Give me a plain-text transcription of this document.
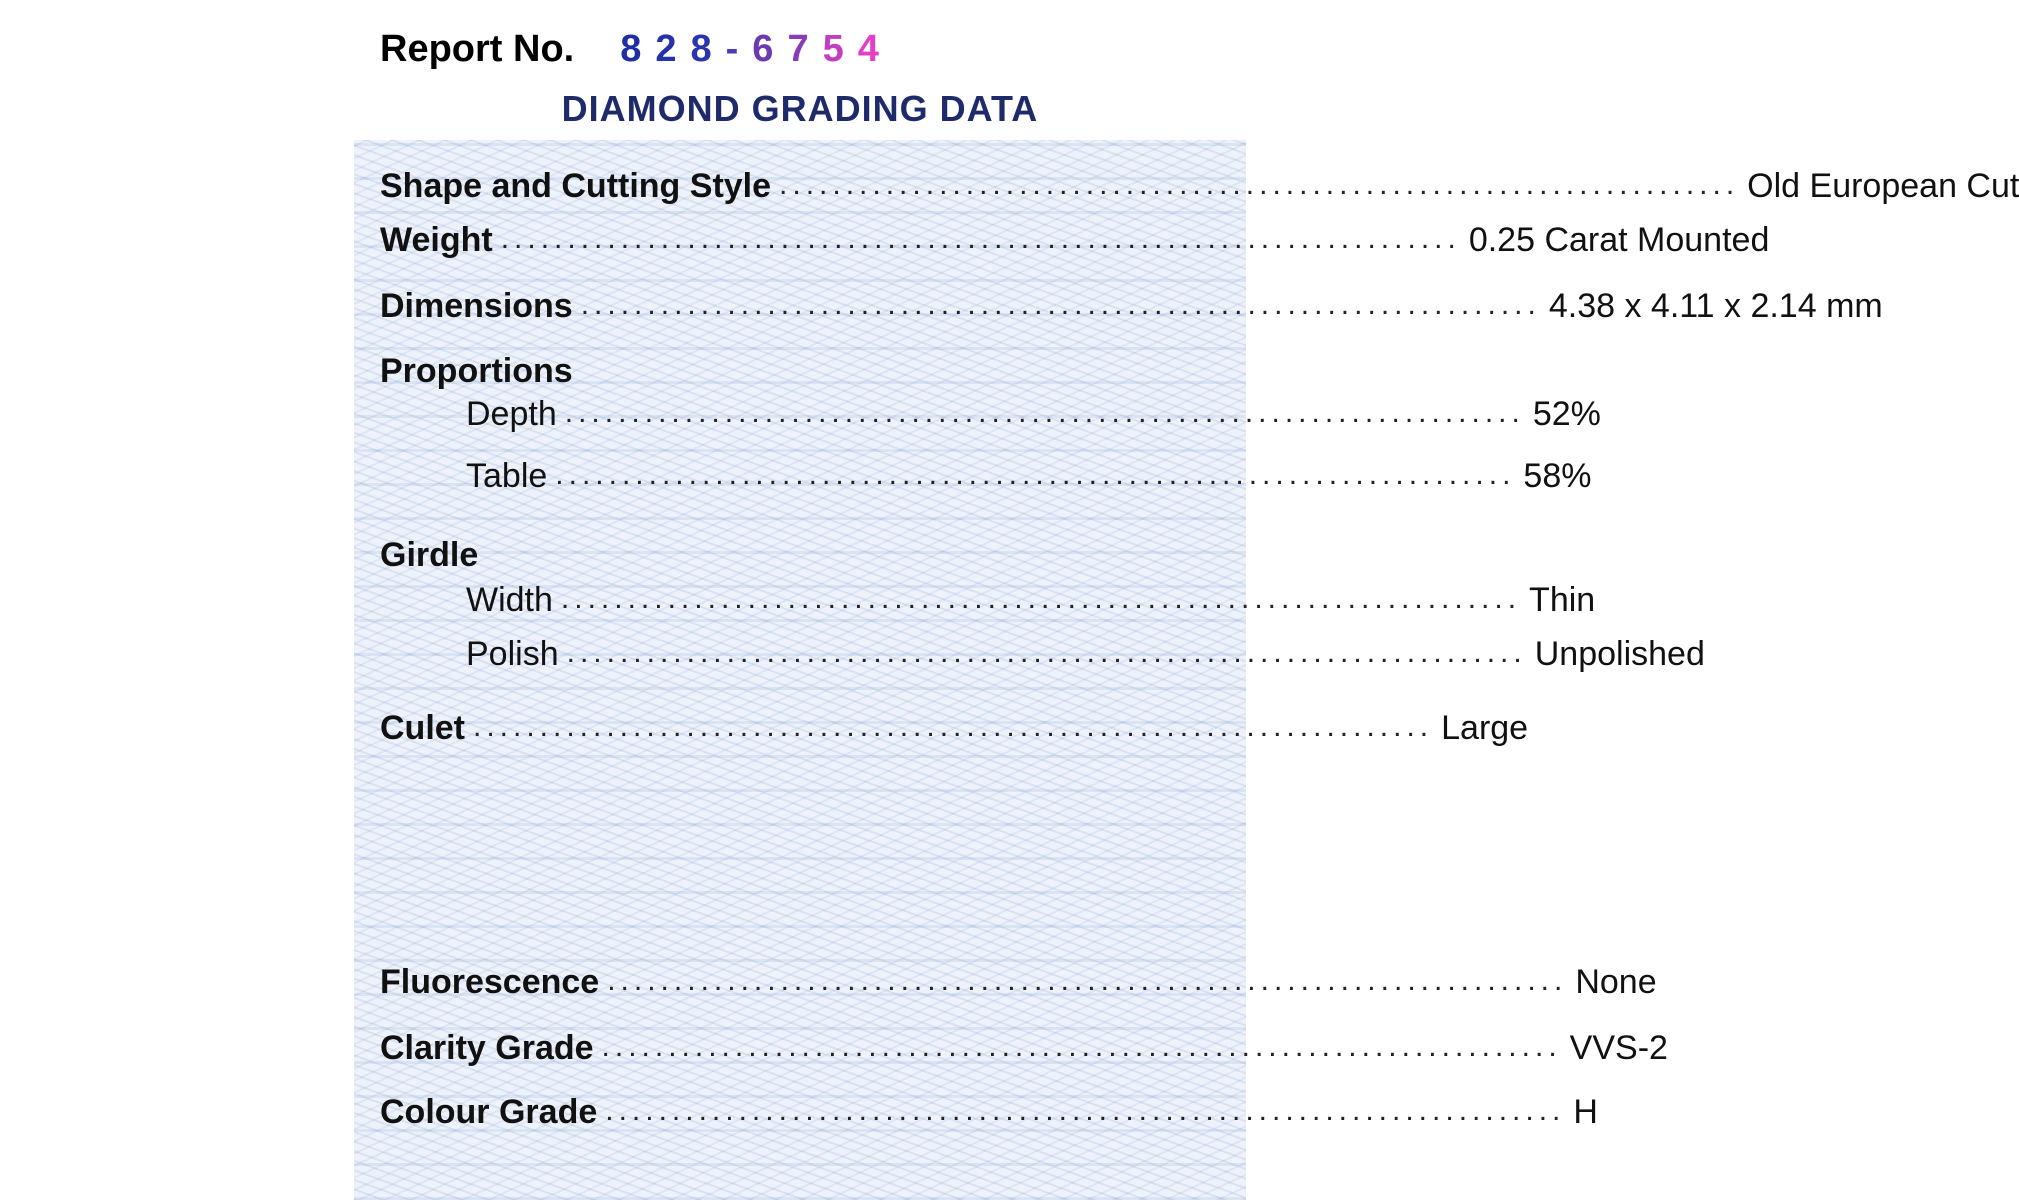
Report No. 8 2 8 - 6 7 5 4
DIAMOND GRADING DATA
Shape and Cutting Style ........................................................................ Old European Cut
Weight ........................................................................ 0.25 Carat Mounted
Dimensions ........................................................................ 4.38 x 4.11 x 2.14 mm
Proportions
Depth ........................................................................ 52%
Table ........................................................................ 58%
Girdle
Width ........................................................................ Thin
Polish ........................................................................ Unpolished
Culet ........................................................................ Large
Fluorescence ........................................................................ None
Clarity Grade ........................................................................ VVS-2
Colour Grade ........................................................................ H
